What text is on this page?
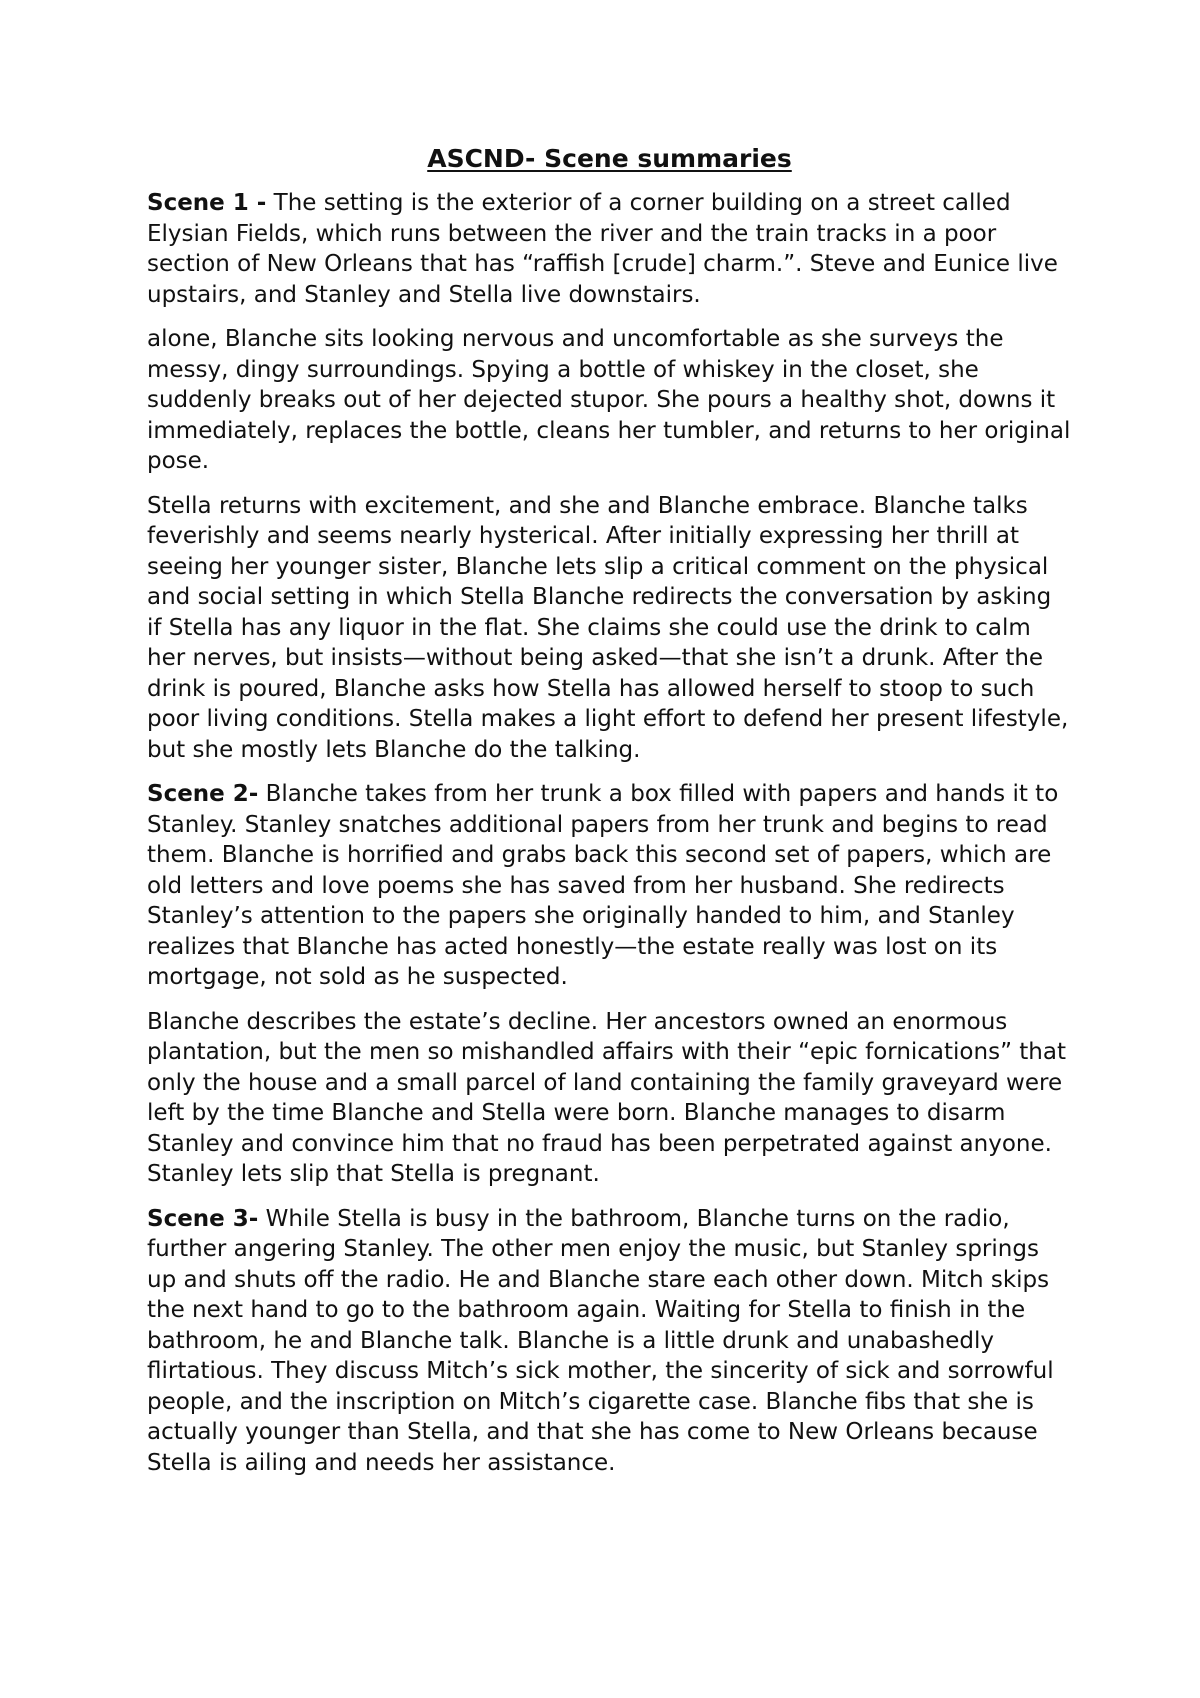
ASCND- Scene summaries

Scene 1 - The setting is the exterior of a corner building on a street called Elysian Fields, which runs between the river and the train tracks in a poor section of New Orleans that has “raffish [crude] charm.”. Steve and Eunice live upstairs, and Stanley and Stella live downstairs.

alone, Blanche sits looking nervous and uncomfortable as she surveys the messy, dingy surroundings. Spying a bottle of whiskey in the closet, she suddenly breaks out of her dejected stupor. She pours a healthy shot, downs it immediately, replaces the bottle, cleans her tumbler, and returns to her original pose.

Stella returns with excitement, and she and Blanche embrace. Blanche talks feverishly and seems nearly hysterical. After initially expressing her thrill at seeing her younger sister, Blanche lets slip a critical comment on the physical and social setting in which Stella Blanche redirects the conversation by asking if Stella has any liquor in the flat. She claims she could use the drink to calm her nerves, but insists—without being asked—that she isn’t a drunk. After the drink is poured, Blanche asks how Stella has allowed herself to stoop to such poor living conditions. Stella makes a light effort to defend her present lifestyle, but she mostly lets Blanche do the talking.

Scene 2- Blanche takes from her trunk a box filled with papers and hands it to Stanley. Stanley snatches additional papers from her trunk and begins to read them. Blanche is horrified and grabs back this second set of papers, which are old letters and love poems she has saved from her husband. She redirects Stanley’s attention to the papers she originally handed to him, and Stanley realizes that Blanche has acted honestly—the estate really was lost on its mortgage, not sold as he suspected.

Blanche describes the estate’s decline. Her ancestors owned an enormous plantation, but the men so mishandled affairs with their “epic fornications” that only the house and a small parcel of land containing the family graveyard were left by the time Blanche and Stella were born. Blanche manages to disarm Stanley and convince him that no fraud has been perpetrated against anyone. Stanley lets slip that Stella is pregnant.

Scene 3- While Stella is busy in the bathroom, Blanche turns on the radio, further angering Stanley. The other men enjoy the music, but Stanley springs up and shuts off the radio. He and Blanche stare each other down. Mitch skips the next hand to go to the bathroom again. Waiting for Stella to finish in the bathroom, he and Blanche talk. Blanche is a little drunk and unabashedly flirtatious. They discuss Mitch’s sick mother, the sincerity of sick and sorrowful people, and the inscription on Mitch’s cigarette case. Blanche fibs that she is actually younger than Stella, and that she has come to New Orleans because Stella is ailing and needs her assistance.
